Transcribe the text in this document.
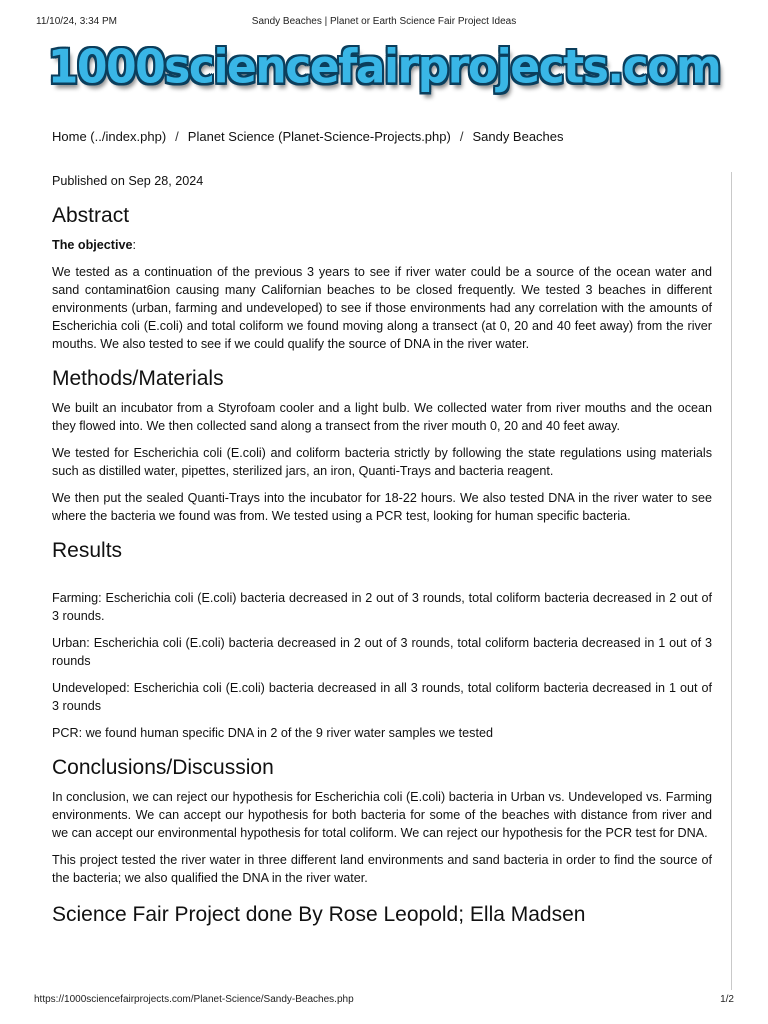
11/10/24, 3:34 PM	Sandy Beaches | Planet or Earth Science Fair Project Ideas
1000sciencefairprojects.com
Home (../index.php) / Planet Science (Planet-Science-Projects.php) / Sandy Beaches

Published on Sep 28, 2024

Abstract

The objective:

We tested as a continuation of the previous 3 years to see if river water could be a source of the ocean water and sand contaminat6ion causing many Californian beaches to be closed frequently. We tested 3 beaches in different environments (urban, farming and undeveloped) to see if those environments had any correlation with the amounts of Escherichia coli (E.coli) and total coliform we found moving along a transect (at 0, 20 and 40 feet away) from the river mouths. We also tested to see if we could qualify the source of DNA in the river water.

Methods/Materials

We built an incubator from a Styrofoam cooler and a light bulb. We collected water from river mouths and the ocean they flowed into. We then collected sand along a transect from the river mouth 0, 20 and 40 feet away.

We tested for Escherichia coli (E.coli) and coliform bacteria strictly by following the state regulations using materials such as distilled water, pipettes, sterilized jars, an iron, Quanti-Trays and bacteria reagent.

We then put the sealed Quanti-Trays into the incubator for 18-22 hours. We also tested DNA in the river water to see where the bacteria we found was from. We tested using a PCR test, looking for human specific bacteria.

Results

Farming: Escherichia coli (E.coli) bacteria decreased in 2 out of 3 rounds, total coliform bacteria decreased in 2 out of 3 rounds.

Urban: Escherichia coli (E.coli) bacteria decreased in 2 out of 3 rounds, total coliform bacteria decreased in 1 out of 3 rounds

Undeveloped: Escherichia coli (E.coli) bacteria decreased in all 3 rounds, total coliform bacteria decreased in 1 out of 3 rounds

PCR: we found human specific DNA in 2 of the 9 river water samples we tested

Conclusions/Discussion

In conclusion, we can reject our hypothesis for Escherichia coli (E.coli) bacteria in Urban vs. Undeveloped vs. Farming environments. We can accept our hypothesis for both bacteria for some of the beaches with distance from river and we can accept our environmental hypothesis for total coliform. We can reject our hypothesis for the PCR test for DNA.

This project tested the river water in three different land environments and sand bacteria in order to find the source of the bacteria; we also qualified the DNA in the river water.

Science Fair Project done By Rose Leopold; Ella Madsen
https://1000sciencefairprojects.com/Planet-Science/Sandy-Beaches.php	1/2
